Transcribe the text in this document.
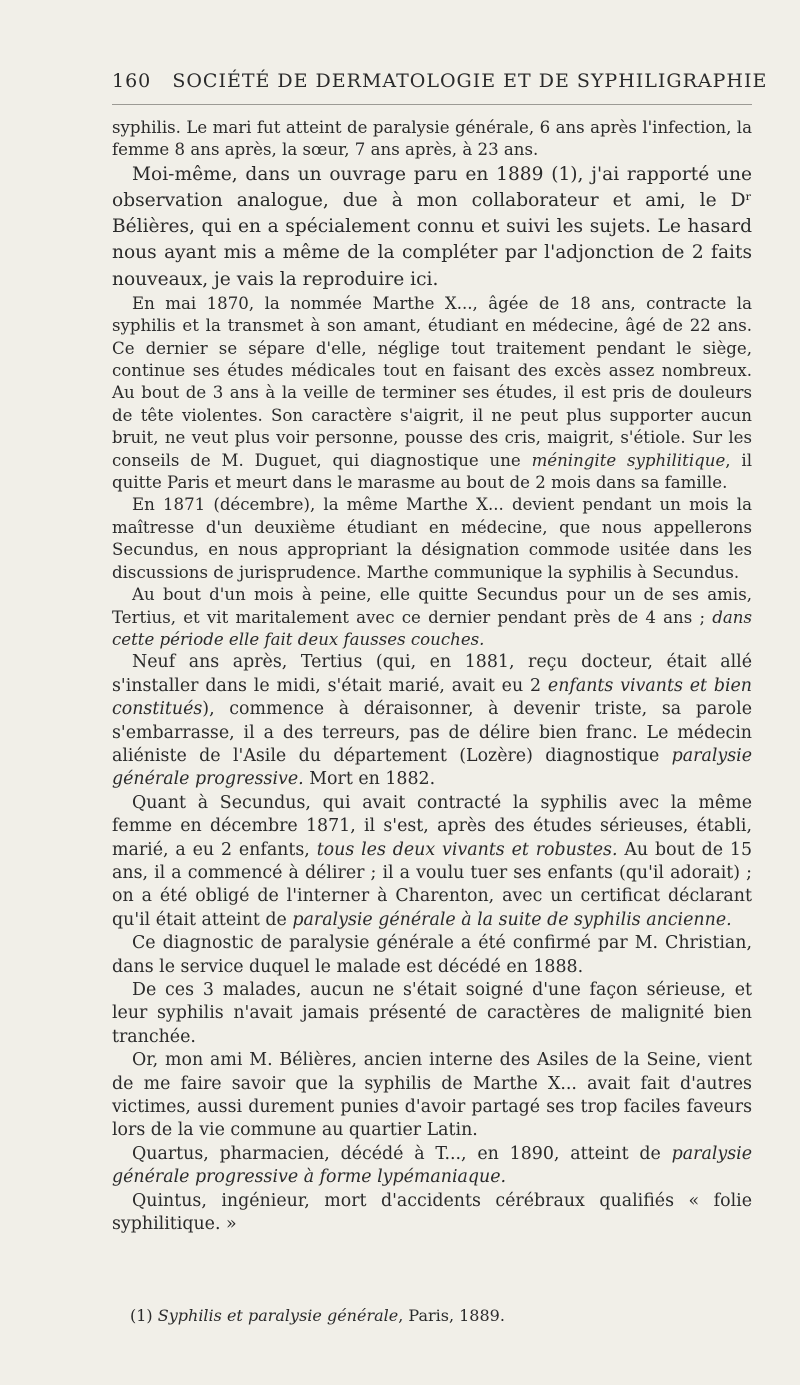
160 SOCIÉTÉ DE DERMATOLOGIE ET DE SYPHILIGRAPHIE

syphilis. Le mari fut atteint de paralysie générale, 6 ans après l'infection, la femme 8 ans après, la sœur, 7 ans après, à 23 ans.

Moi-même, dans un ouvrage paru en 1889 (1), j'ai rapporté une observation analogue, due à mon collaborateur et ami, le Dʳ Bélières, qui en a spécialement connu et suivi les sujets. Le hasard nous ayant mis a même de la compléter par l'adjonction de 2 faits nouveaux, je vais la reproduire ici.

En mai 1870, la nommée Marthe X..., âgée de 18 ans, contracte la syphilis et la transmet à son amant, étudiant en médecine, âgé de 22 ans. Ce dernier se sépare d'elle, néglige tout traitement pendant le siège, continue ses études médicales tout en faisant des excès assez nombreux. Au bout de 3 ans à la veille de terminer ses études, il est pris de douleurs de tête violentes. Son caractère s'aigrit, il ne peut plus supporter aucun bruit, ne veut plus voir personne, pousse des cris, maigrit, s'étiole. Sur les conseils de M. Duguet, qui diagnostique une méningite syphilitique, il quitte Paris et meurt dans le marasme au bout de 2 mois dans sa famille.

En 1871 (décembre), la même Marthe X... devient pendant un mois la maîtresse d'un deuxième étudiant en médecine, que nous appellerons Secundus, en nous appropriant la désignation commode usitée dans les discussions de jurisprudence. Marthe communique la syphilis à Secundus.

Au bout d'un mois à peine, elle quitte Secundus pour un de ses amis, Tertius, et vit maritalement avec ce dernier pendant près de 4 ans ; dans cette période elle fait deux fausses couches.

Neuf ans après, Tertius (qui, en 1881, reçu docteur, était allé s'installer dans le midi, s'était marié, avait eu 2 enfants vivants et bien constitués), commence à déraisonner, à devenir triste, sa parole s'embarrasse, il a des terreurs, pas de délire bien franc. Le médecin aliéniste de l'Asile du département (Lozère) diagnostique paralysie générale progressive. Mort en 1882.

Quant à Secundus, qui avait contracté la syphilis avec la même femme en décembre 1871, il s'est, après des études sérieuses, établi, marié, a eu 2 enfants, tous les deux vivants et robustes. Au bout de 15 ans, il a commencé à délirer ; il a voulu tuer ses enfants (qu'il adorait) ; on a été obligé de l'interner à Charenton, avec un certificat déclarant qu'il était atteint de paralysie générale à la suite de syphilis ancienne.

Ce diagnostic de paralysie générale a été confirmé par M. Christian, dans le service duquel le malade est décédé en 1888.

De ces 3 malades, aucun ne s'était soigné d'une façon sérieuse, et leur syphilis n'avait jamais présenté de caractères de malignité bien tranchée.

Or, mon ami M. Bélières, ancien interne des Asiles de la Seine, vient de me faire savoir que la syphilis de Marthe X... avait fait d'autres victimes, aussi durement punies d'avoir partagé ses trop faciles faveurs lors de la vie commune au quartier Latin.

Quartus, pharmacien, décédé à T..., en 1890, atteint de paralysie générale progressive à forme lypémaniaque.

Quintus, ingénieur, mort d'accidents cérébraux qualifiés « folie syphilitique. »

(1) Syphilis et paralysie générale, Paris, 1889.
